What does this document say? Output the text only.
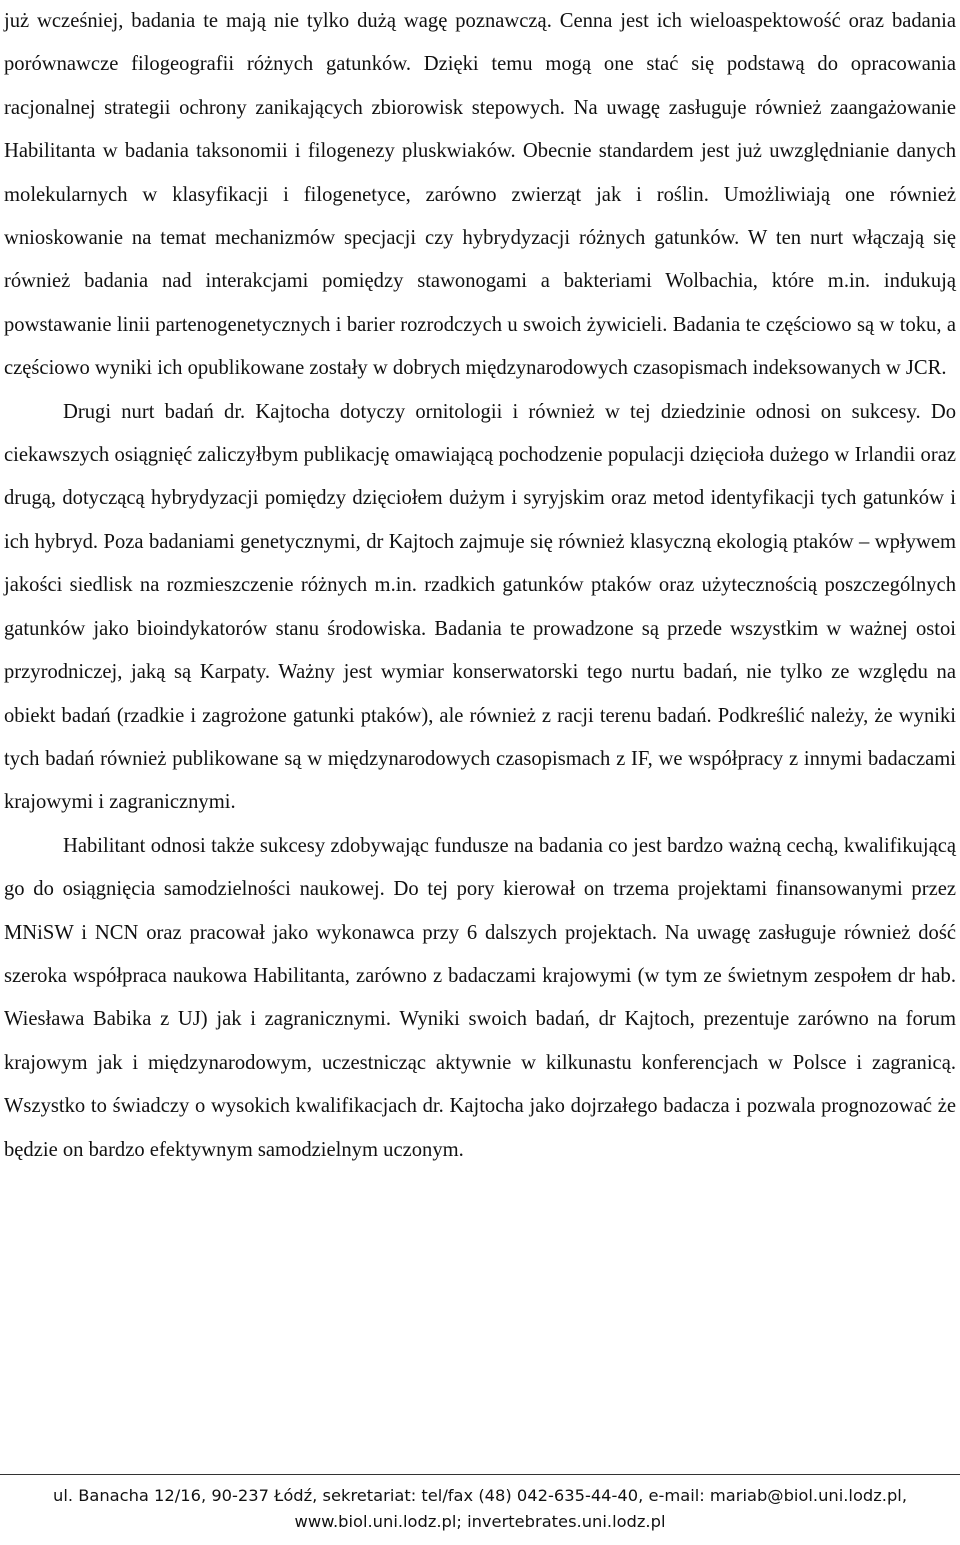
już wcześniej, badania te mają nie tylko dużą wagę poznawczą. Cenna jest ich wieloaspektowość oraz badania porównawcze filogeografii różnych gatunków. Dzięki temu mogą one stać się podstawą do opracowania racjonalnej strategii ochrony zanikających zbiorowisk stepowych. Na uwagę zasługuje również zaangażowanie Habilitanta w badania taksonomii i filogenezy pluskwiaków. Obecnie standardem jest już uwzględnianie danych molekularnych w klasyfikacji i filogenetyce, zarówno zwierząt jak i roślin. Umożliwiają one również wnioskowanie na temat mechanizmów specjacji czy hybrydyzacji różnych gatunków. W ten nurt włączają się również badania nad interakcjami pomiędzy stawonogami a bakteriami Wolbachia, które m.in. indukują powstawanie linii partenogenetycznych i barier rozrodczych u swoich żywicieli. Badania te częściowo są w toku, a częściowo wyniki ich opublikowane zostały w dobrych międzynarodowych czasopismach indeksowanych w JCR.

Drugi nurt badań dr. Kajtocha dotyczy ornitologii i również w tej dziedzinie odnosi on sukcesy. Do ciekawszych osiągnięć zaliczyłbym publikację omawiającą pochodzenie populacji dzięcioła dużego w Irlandii oraz drugą, dotyczącą hybrydyzacji pomiędzy dzięciołem dużym i syryjskim oraz metod identyfikacji tych gatunków i ich hybryd. Poza badaniami genetycznymi, dr Kajtoch zajmuje się również klasyczną ekologią ptaków – wpływem jakości siedlisk na rozmieszczenie różnych m.in. rzadkich gatunków ptaków oraz użytecznością poszczególnych gatunków jako bioindykatorów stanu środowiska. Badania te prowadzone są przede wszystkim w ważnej ostoi przyrodniczej, jaką są Karpaty. Ważny jest wymiar konserwatorski tego nurtu badań, nie tylko ze względu na obiekt badań (rzadkie i zagrożone gatunki ptaków), ale również z racji terenu badań. Podkreślić należy, że wyniki tych badań również publikowane są w międzynarodowych czasopismach z IF, we współpracy z innymi badaczami krajowymi i zagranicznymi.

Habilitant odnosi także sukcesy zdobywając fundusze na badania co jest bardzo ważną cechą, kwalifikującą go do osiągnięcia samodzielności naukowej. Do tej pory kierował on trzema projektami finansowanymi przez MNiSW i NCN oraz pracował jako wykonawca przy 6 dalszych projektach. Na uwagę zasługuje również dość szeroka współpraca naukowa Habilitanta, zarówno z badaczami krajowymi (w tym ze świetnym zespołem dr hab. Wiesława Babika z UJ) jak i zagranicznymi. Wyniki swoich badań, dr Kajtoch, prezentuje zarówno na forum krajowym jak i międzynarodowym, uczestnicząc aktywnie w kilkunastu konferencjach w Polsce i zagranicą. Wszystko to świadczy o wysokich kwalifikacjach dr. Kajtocha jako dojrzałego badacza i pozwala prognozować że będzie on bardzo efektywnym samodzielnym uczonym.

ul. Banacha 12/16, 90-237 Łódź, sekretariat: tel/fax (48) 042-635-44-40, e-mail: mariab@biol.uni.lodz.pl,
www.biol.uni.lodz.pl; invertebrates.uni.lodz.pl
